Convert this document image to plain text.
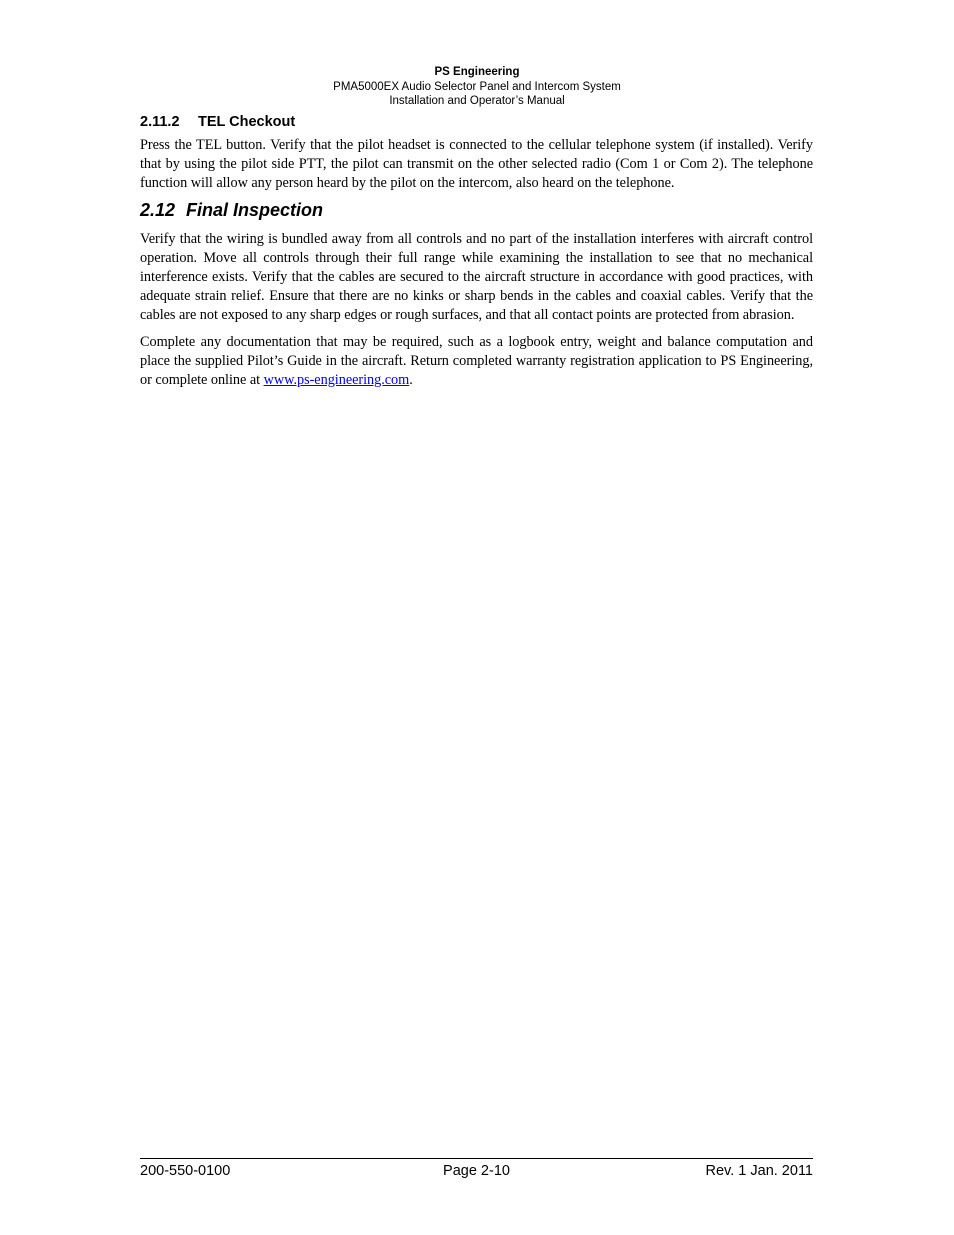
PS Engineering
PMA5000EX Audio Selector Panel and Intercom System
Installation and Operator’s Manual
2.11.2 TEL Checkout

Press the TEL button. Verify that the pilot headset is connected to the cellular telephone system (if installed). Verify that by using the pilot side PTT, the pilot can transmit on the other selected radio (Com 1 or Com 2). The telephone function will allow any person heard by the pilot on the intercom, also heard on the telephone.

2.12 Final Inspection

Verify that the wiring is bundled away from all controls and no part of the installation interferes with aircraft control operation. Move all controls through their full range while examining the installation to see that no mechanical interference exists. Verify that the cables are secured to the aircraft structure in accordance with good practices, with adequate strain relief. Ensure that there are no kinks or sharp bends in the cables and coaxial cables. Verify that the cables are not exposed to any sharp edges or rough surfaces, and that all contact points are protected from abrasion.

Complete any documentation that may be required, such as a logbook entry, weight and balance computation and place the supplied Pilot’s Guide in the aircraft. Return completed warranty registration application to PS Engineering, or complete online at www.ps-engineering.com.

200-550-0100	Page 2-10	Rev. 1 Jan. 2011
